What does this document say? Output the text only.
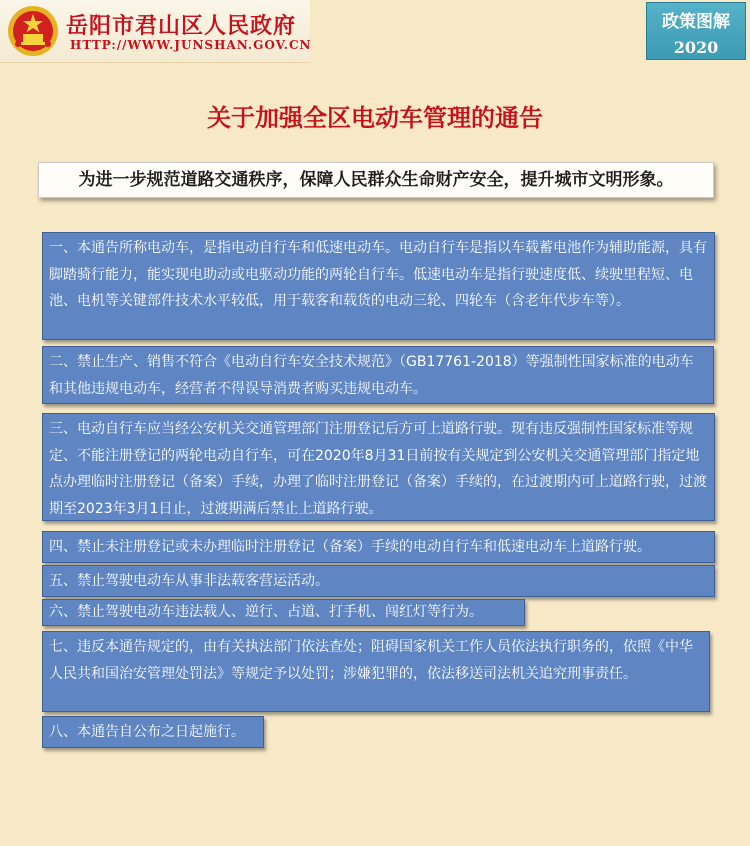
岳阳市君山区人民政府
HTTP://WWW.JUNSHAN.GOV.CN
政策图解
2020
关于加强全区电动车管理的通告
为进一步规范道路交通秩序，保障人民群众生命财产安全，提升城市文明形象。

一、本通告所称电动车，是指电动自行车和低速电动车。电动自行车是指以车载蓄电池作为辅助能源，具有脚踏骑行能力，能实现电助动或电驱动功能的两轮自行车。低速电动车是指行驶速度低、续驶里程短、电池、电机等关键部件技术水平较低，用于载客和载货的电动三轮、四轮车（含老年代步车等）。

二、禁止生产、销售不符合《电动自行车安全技术规范》（GB17761-2018）等强制性国家标准的电动车和其他违规电动车，经营者不得误导消费者购买违规电动车。

三、电动自行车应当经公安机关交通管理部门注册登记后方可上道路行驶。现有违反强制性国家标准等规定、不能注册登记的两轮电动自行车，可在2020年8月31日前按有关规定到公安机关交通管理部门指定地点办理临时注册登记（备案）手续，办理了临时注册登记（备案）手续的，在过渡期内可上道路行驶，过渡期至2023年3月1日止，过渡期满后禁止上道路行驶。

四、禁止未注册登记或未办理临时注册登记（备案）手续的电动自行车和低速电动车上道路行驶。

五、禁止驾驶电动车从事非法载客营运活动。

六、禁止驾驶电动车违法载人、逆行、占道、打手机、闯红灯等行为。

七、违反本通告规定的，由有关执法部门依法查处；阻碍国家机关工作人员依法执行职务的，依照《中华人民共和国治安管理处罚法》等规定予以处罚；涉嫌犯罪的，依法移送司法机关追究刑事责任。

八、本通告自公布之日起施行。
